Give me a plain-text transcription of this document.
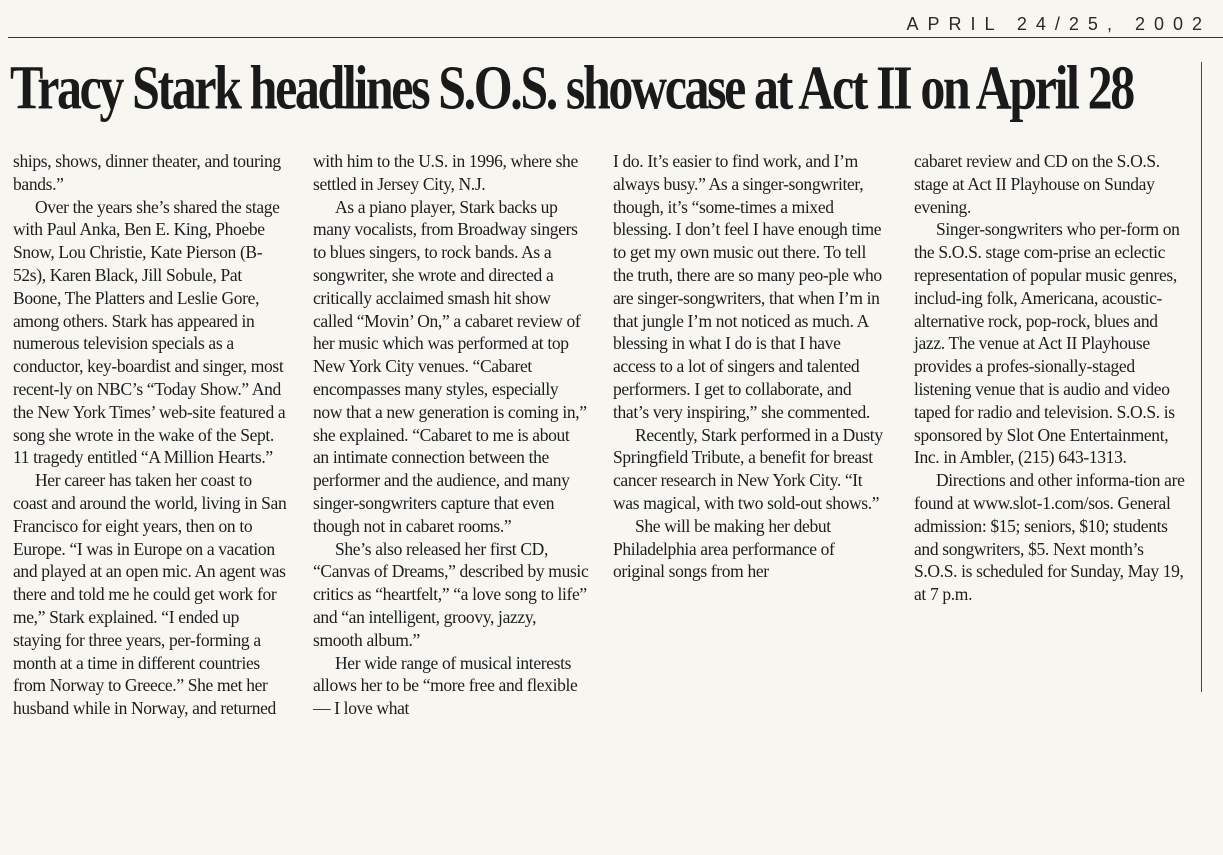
APRIL 24/25, 2002
Tracy Stark headlines S.O.S. showcase at Act II on April 28

ships, shows, dinner theater, and touring bands.”

Over the years she’s shared the stage with Paul Anka, Ben E. King, Phoebe Snow, Lou Christie, Kate Pierson (B-52s), Karen Black, Jill Sobule, Pat Boone, The Platters and Leslie Gore, among others. Stark has appeared in numerous television specials as a conductor, key-boardist and singer, most recent-ly on NBC’s “Today Show.” And the New York Times’ web-site featured a song she wrote in the wake of the Sept. 11 tragedy entitled “A Million Hearts.”

Her career has taken her coast to coast and around the world, living in San Francisco for eight years, then on to Europe. “I was in Europe on a vacation and played at an open mic. An agent was there and told me he could get work for me,” Stark explained. “I ended up staying for three years, per-forming a month at a time in different countries from Norway to Greece.” She met her husband while in Norway, and returned

with him to the U.S. in 1996, where she settled in Jersey City, N.J.

As a piano player, Stark backs up many vocalists, from Broadway singers to blues singers, to rock bands. As a songwriter, she wrote and directed a critically acclaimed smash hit show called “Movin’ On,” a cabaret review of her music which was performed at top New York City venues. “Cabaret encompasses many styles, especially now that a new generation is coming in,” she explained. “Cabaret to me is about an intimate connection between the performer and the audience, and many singer-songwriters capture that even though not in cabaret rooms.”

She’s also released her first CD, “Canvas of Dreams,” described by music critics as “heartfelt,” “a love song to life” and “an intelligent, groovy, jazzy, smooth album.”

Her wide range of musical interests allows her to be “more free and flexible — I love what

I do. It’s easier to find work, and I’m always busy.” As a singer-songwriter, though, it’s “some-times a mixed blessing. I don’t feel I have enough time to get my own music out there. To tell the truth, there are so many peo-ple who are singer-songwriters, that when I’m in that jungle I’m not noticed as much. A blessing in what I do is that I have access to a lot of singers and talented performers. I get to collaborate, and that’s very inspiring,” she commented.

Recently, Stark performed in a Dusty Springfield Tribute, a benefit for breast cancer research in New York City. “It was magical, with two sold-out shows.”

She will be making her debut Philadelphia area performance of original songs from her

cabaret review and CD on the S.O.S. stage at Act II Playhouse on Sunday evening.

Singer-songwriters who per-form on the S.O.S. stage com-prise an eclectic representation of popular music genres, includ-ing folk, Americana, acoustic-alternative rock, pop-rock, blues and jazz. The venue at Act II Playhouse provides a profes-sionally-staged listening venue that is audio and video taped for radio and television. S.O.S. is sponsored by Slot One Entertainment, Inc. in Ambler, (215) 643-1313.

Directions and other informa-tion are found at www.slot-1.com/sos. General admission: $15; seniors, $10; students and songwriters, $5. Next month’s S.O.S. is scheduled for Sunday, May 19, at 7 p.m.
